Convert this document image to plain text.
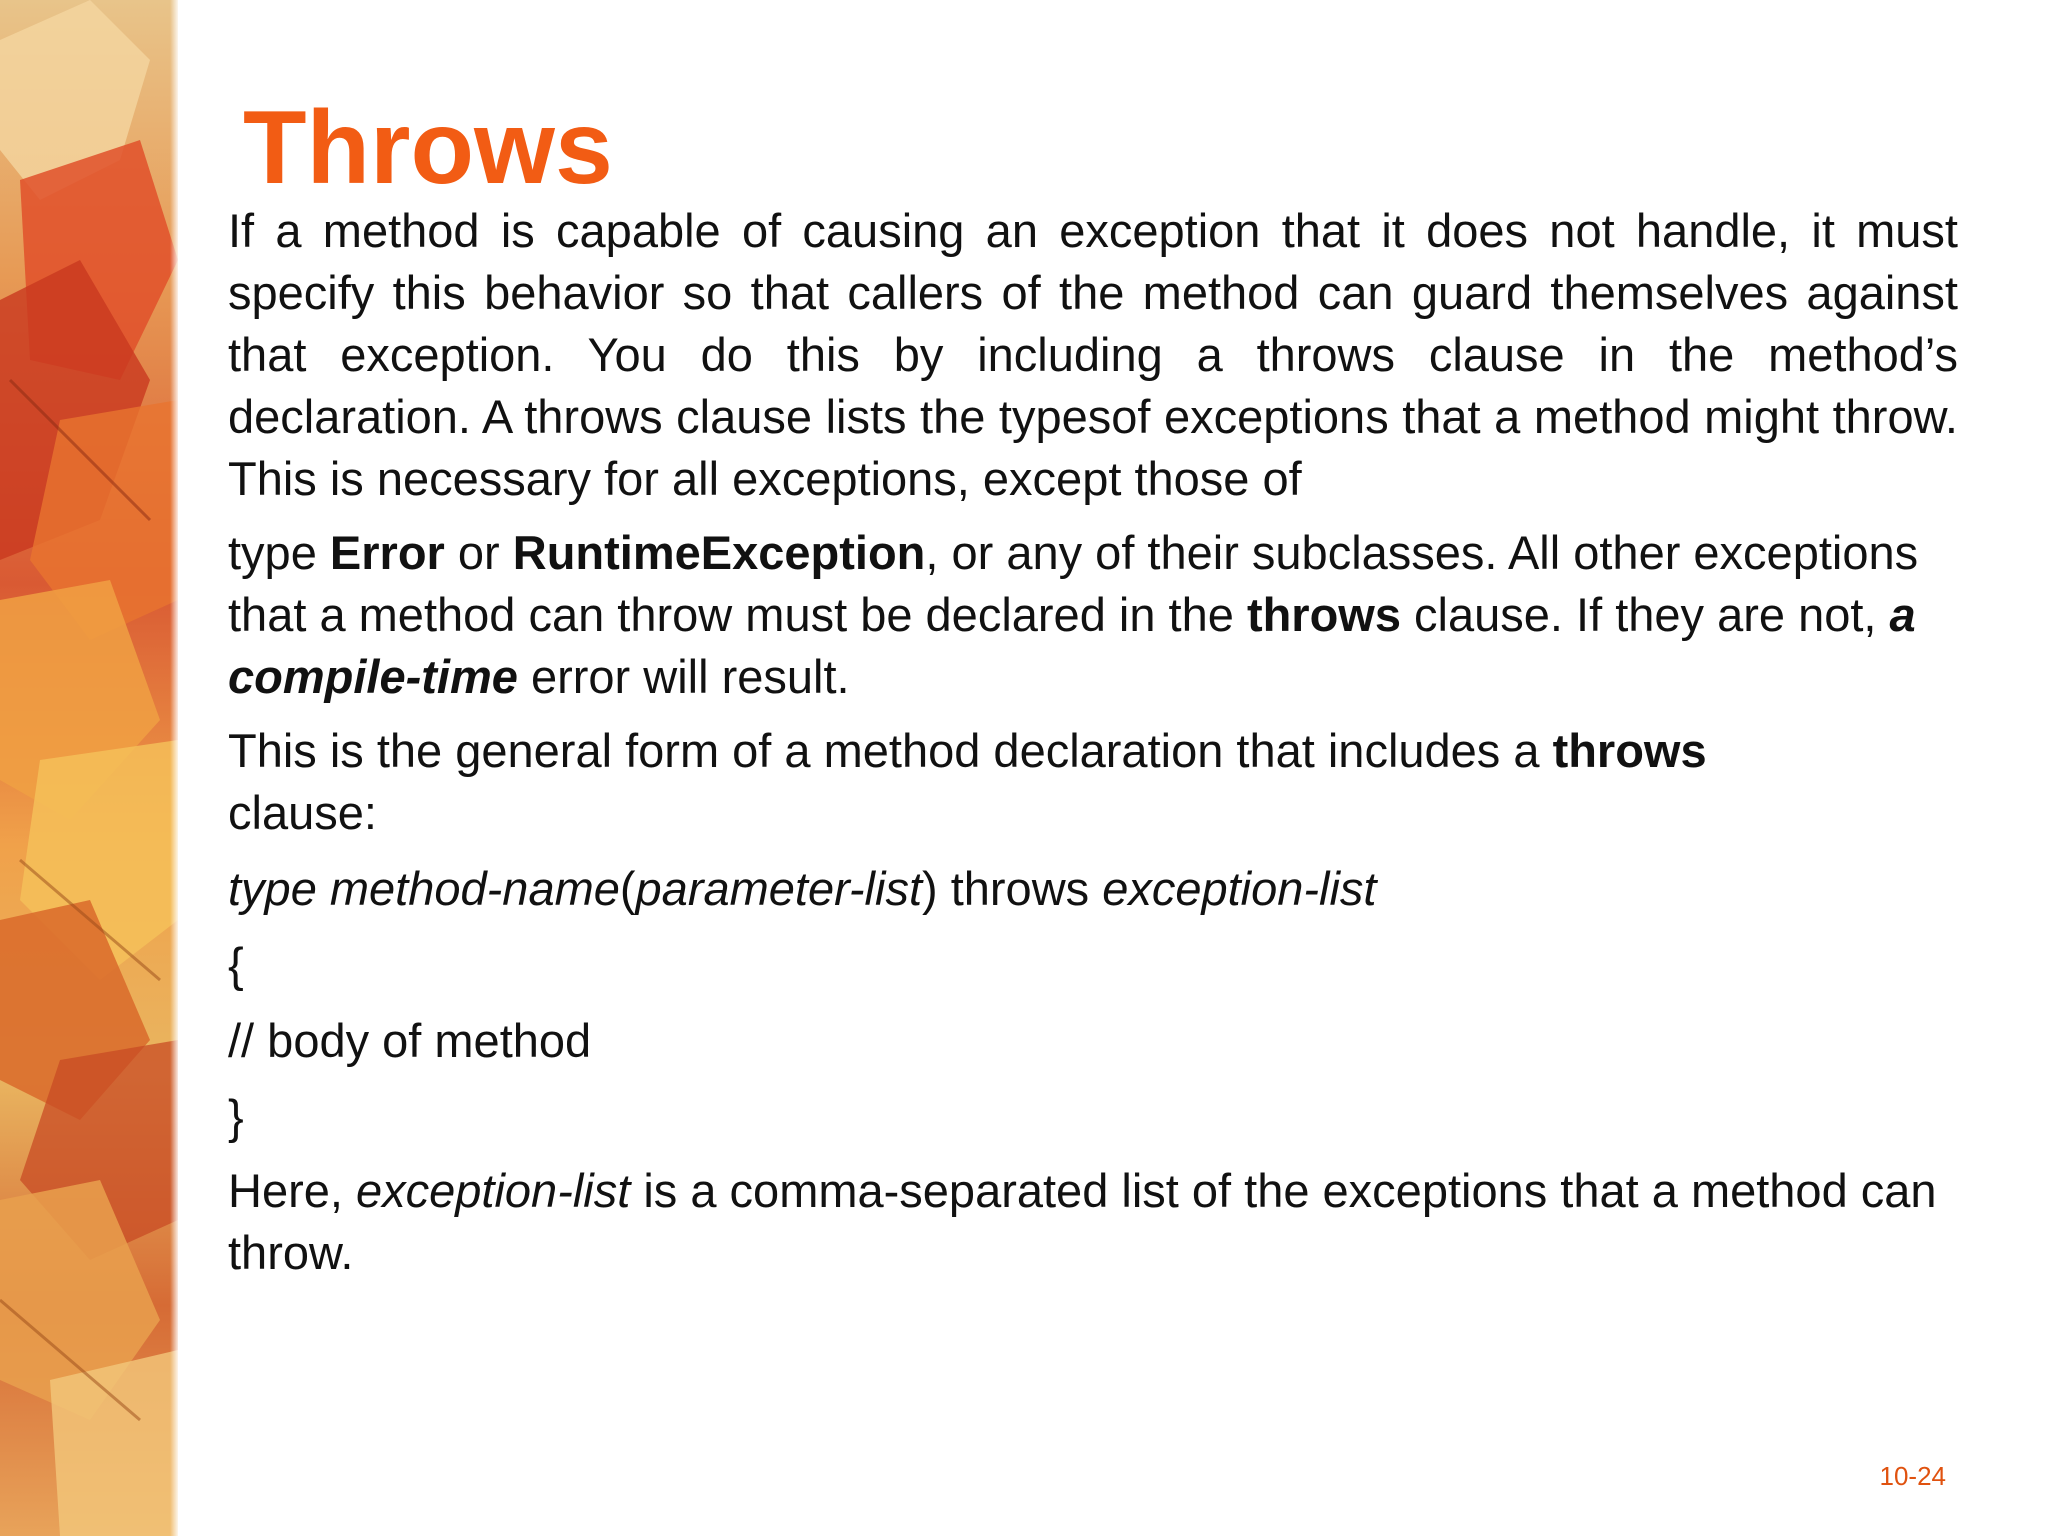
Throws

If a method is capable of causing an exception that it does not handle, it must specify this behavior so that callers of the method can guard themselves against that exception. You do this by including a throws clause in the method’s declaration. A throws clause lists the typesof exceptions that a method might throw. This is necessary for all exceptions, except those of

type Error or RuntimeException, or any of their subclasses. All other exceptions that a method can throw must be declared in the throws clause. If they are not, a compile-time error will result.

This is the general form of a method declaration that includes a throws
clause:

type method-name(parameter-list) throws exception-list

{

// body of method

}

Here, exception-list is a comma-separated list of the exceptions that a method can throw.

10-24
